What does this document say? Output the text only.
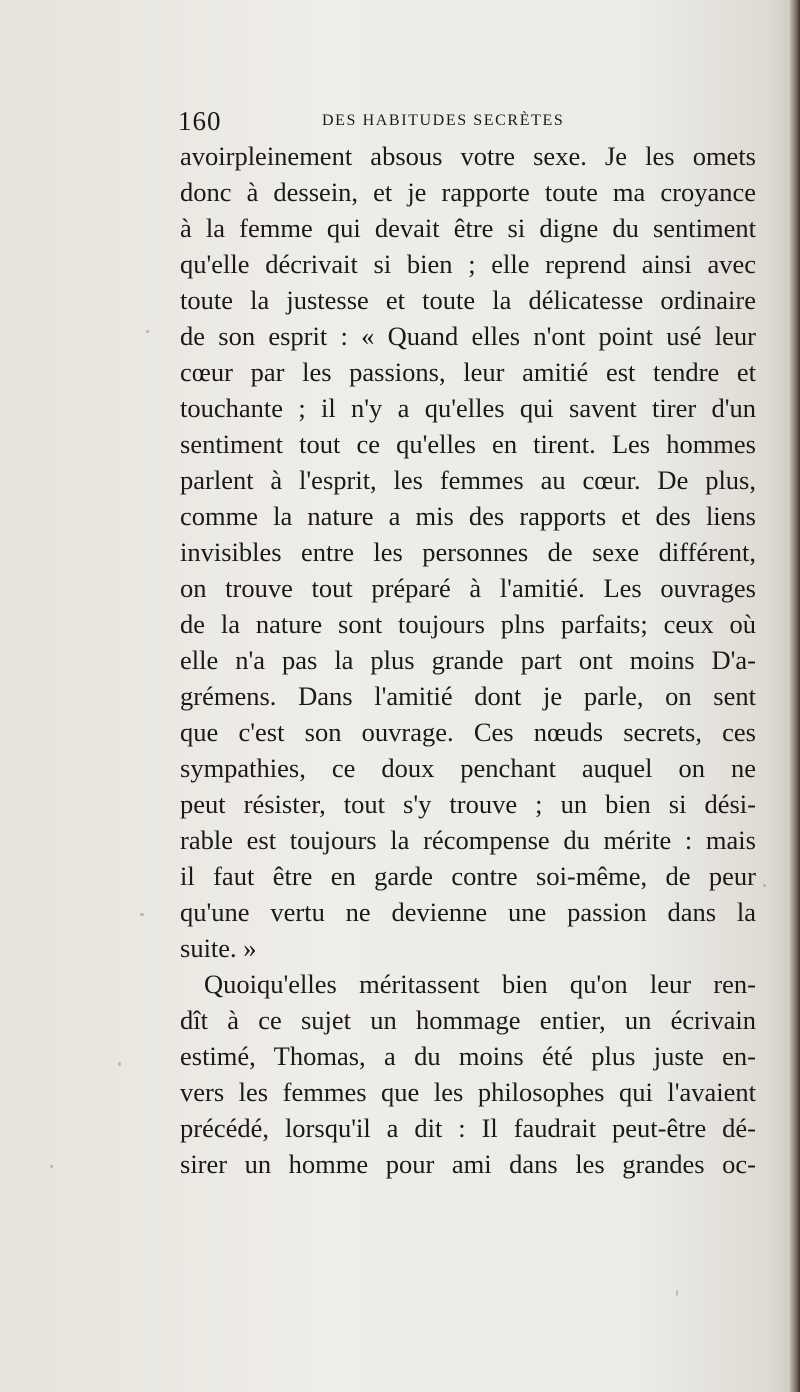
160	DES HABITUDES SECRÈTES
avoirpleinement absous votre sexe. Je les omets
donc à dessein, et je rapporte toute ma croyance
à la femme qui devait être si digne du sentiment
qu'elle décrivait si bien ; elle reprend ainsi avec
toute la justesse et toute la délicatesse ordinaire
de son esprit : « Quand elles n'ont point usé leur
cœur par les passions, leur amitié est tendre et
touchante ; il n'y a qu'elles qui savent tirer d'un
sentiment tout ce qu'elles en tirent. Les hommes
parlent à l'esprit, les femmes au cœur. De plus,
comme la nature a mis des rapports et des liens
invisibles entre les personnes de sexe différent,
on trouve tout préparé à l'amitié. Les ouvrages
de la nature sont toujours plns parfaits; ceux où
elle n'a pas la plus grande part ont moins D'a-
grémens. Dans l'amitié dont je parle, on sent
que c'est son ouvrage. Ces nœuds secrets, ces
sympathies, ce doux penchant auquel on ne
peut résister, tout s'y trouve ; un bien si dési-
rable est toujours la récompense du mérite : mais
il faut être en garde contre soi-même, de peur
qu'une vertu ne devienne une passion dans la
suite. »
Quoiqu'elles méritassent bien qu'on leur ren-
dît à ce sujet un hommage entier, un écrivain
estimé, Thomas, a du moins été plus juste en-
vers les femmes que les philosophes qui l'avaient
précédé, lorsqu'il a dit : Il faudrait peut-être dé-
sirer un homme pour ami dans les grandes oc-
